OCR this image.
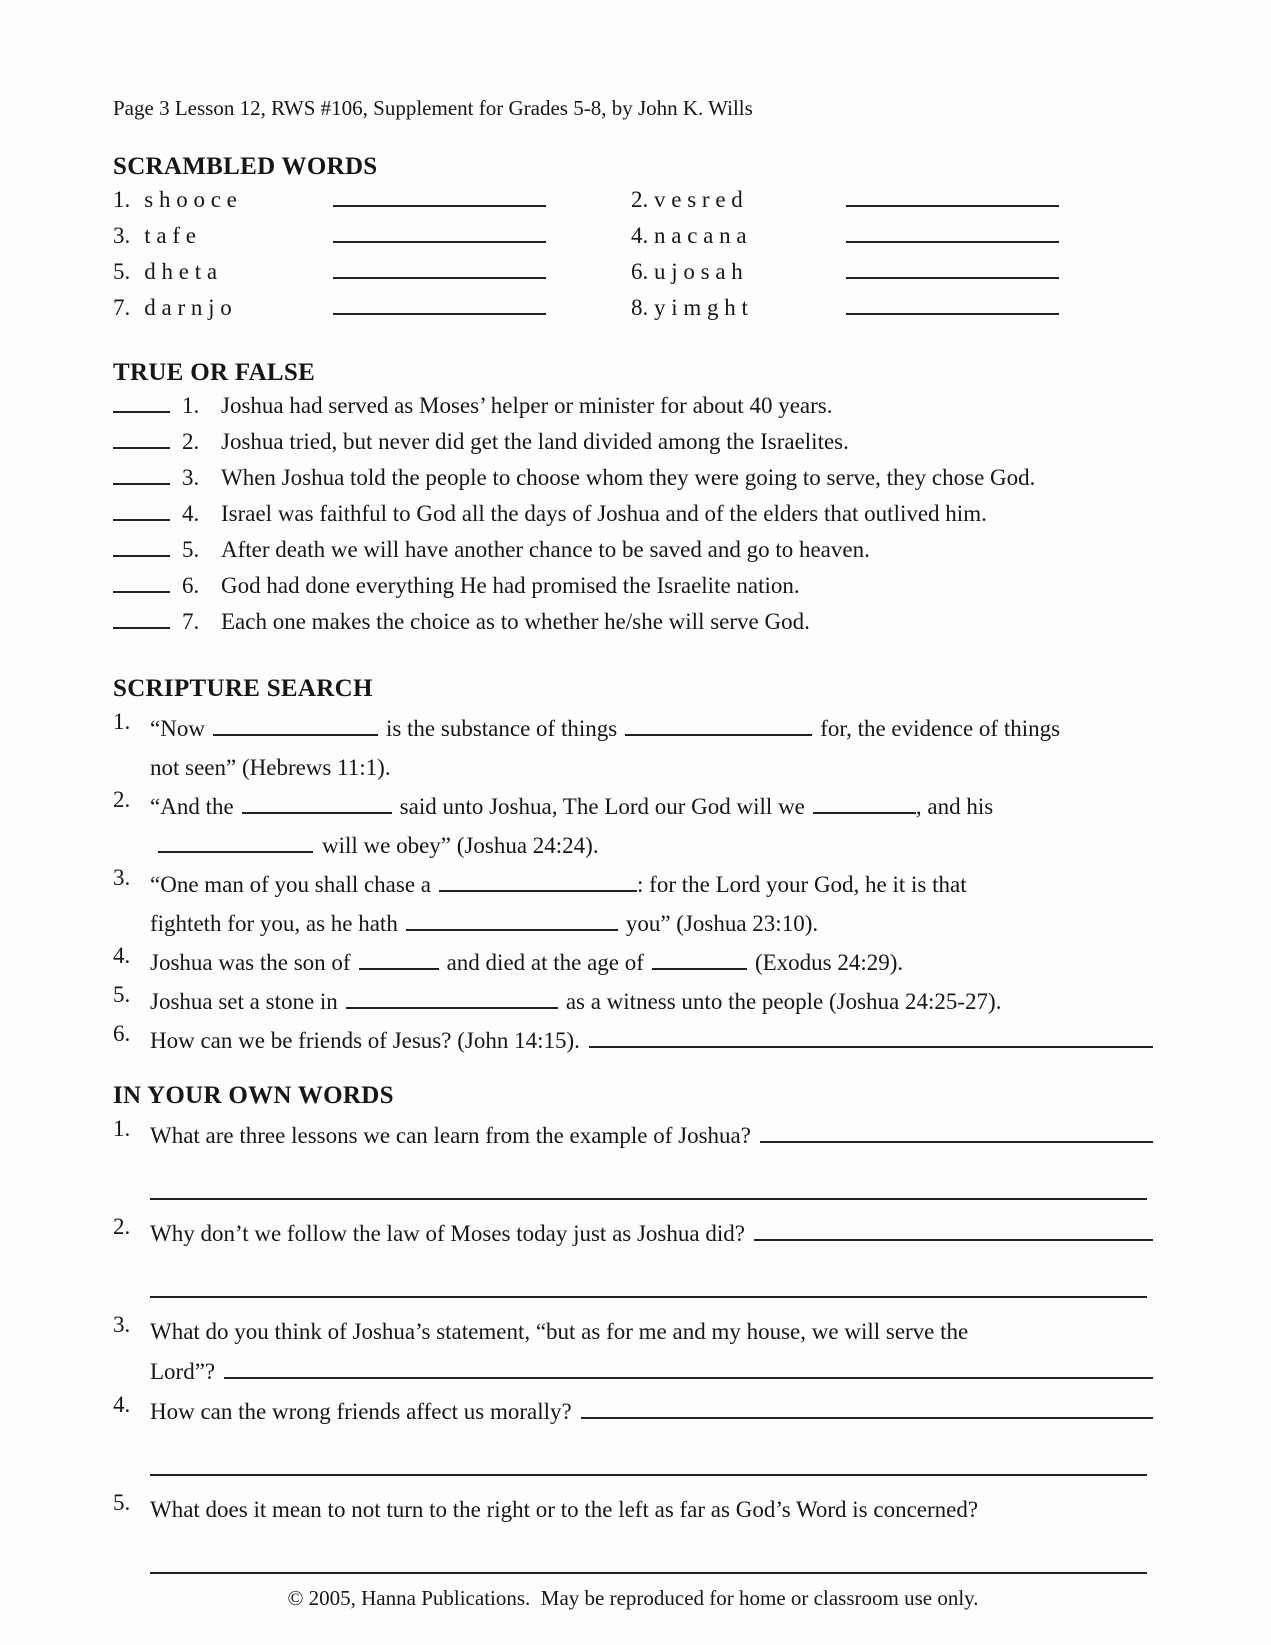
Page 3 Lesson 12, RWS #106, Supplement for Grades 5-8, by John K. Wills
SCRAMBLED WORDS
1. s h o o c e	2. v e s r e d
3. t a f e	4. n a c a n a
5. d h e t a	6. u j o s a h
7. d a r n j o	8. y i m g h t
TRUE OR FALSE
1. Joshua had served as Moses’ helper or minister for about 40 years.
2. Joshua tried, but never did get the land divided among the Israelites.
3. When Joshua told the people to choose whom they were going to serve, they chose God.
4. Israel was faithful to God all the days of Joshua and of the elders that outlived him.
5. After death we will have another chance to be saved and go to heaven.
6. God had done everything He had promised the Israelite nation.
7. Each one makes the choice as to whether he/she will serve God.
SCRIPTURE SEARCH
1. “Now	is the substance of things	for, the evidence of things
not seen” (Hebrews 11:1).
2. “And the	said unto Joshua, The Lord our God will we	, and his
will we obey” (Joshua 24:24).
3. “One man of you shall chase a	: for the Lord your God, he it is that
fighteth for you, as he hath	you” (Joshua 23:10).
4. Joshua was the son of	and died at the age of	(Exodus 24:29).
5. Joshua set a stone in	as a witness unto the people (Joshua 24:25-27).
6. How can we be friends of Jesus? (John 14:15).
IN YOUR OWN WORDS
1. What are three lessons we can learn from the example of Joshua?
2. Why don’t we follow the law of Moses today just as Joshua did?
3. What do you think of Joshua’s statement, “but as for me and my house, we will serve the
Lord”?
4. How can the wrong friends affect us morally?
5. What does it mean to not turn to the right or to the left as far as God’s Word is concerned?
© 2005, Hanna Publications.  May be reproduced for home or classroom use only.
